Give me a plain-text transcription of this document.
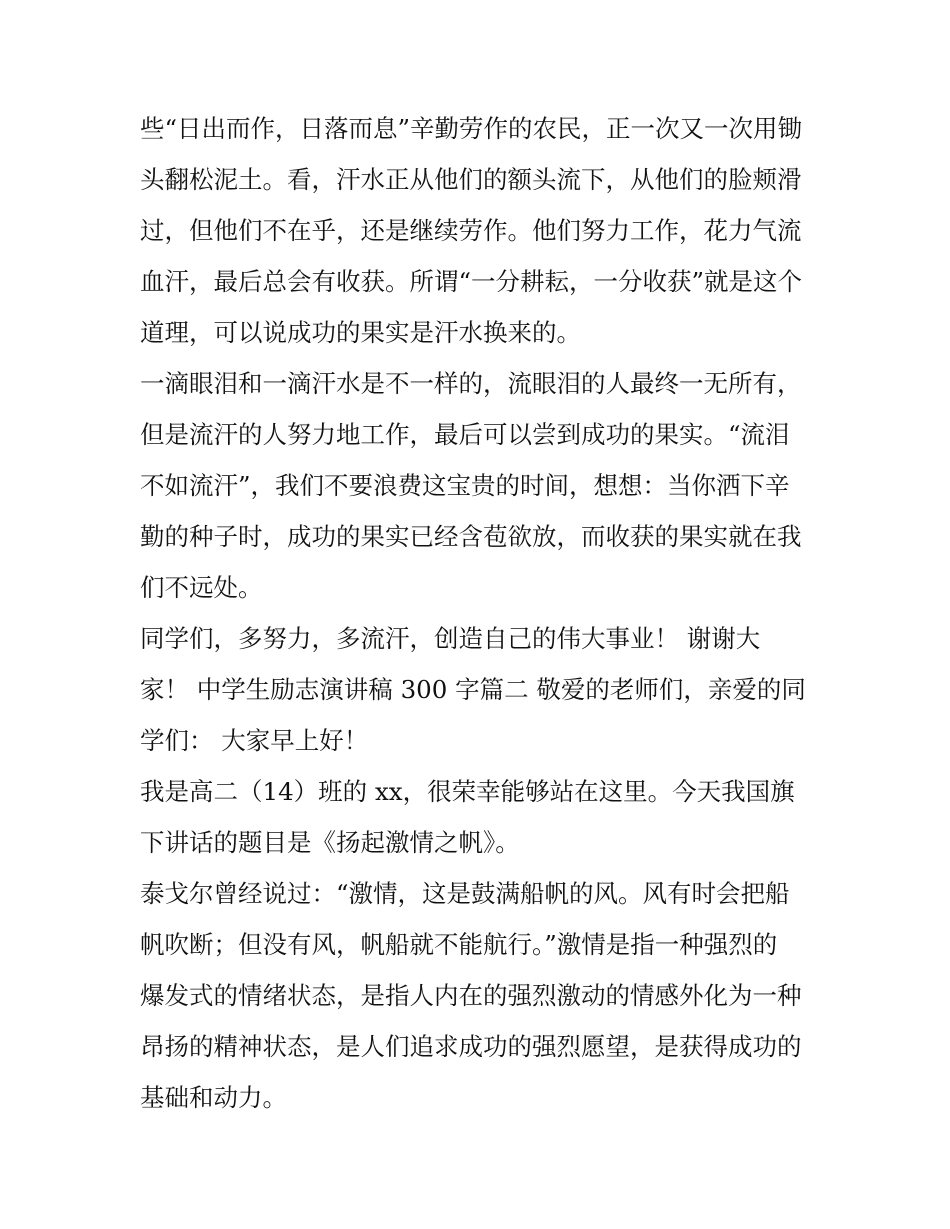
些“日出而作，日落而息”辛勤劳作的农民，正一次又一次用锄
头翻松泥土。看，汗水正从他们的额头流下，从他们的脸颊滑
过，但他们不在乎，还是继续劳作。他们努力工作，花力气流
血汗，最后总会有收获。所谓“一分耕耘，一分收获”就是这个
道理，可以说成功的果实是汗水换来的。
一滴眼泪和一滴汗水是不一样的，流眼泪的人最终一无所有，
但是流汗的人努力地工作，最后可以尝到成功的果实。“流泪
不如流汗”，我们不要浪费这宝贵的时间，想想：当你洒下辛
勤的种子时，成功的果实已经含苞欲放，而收获的果实就在我
们不远处。
同学们，多努力，多流汗，创造自己的伟大事业！ 谢谢大
家！ 中学生励志演讲稿 300 字篇二 敬爱的老师们，亲爱的同
学们： 大家早上好！
我是高二（14）班的 xx，很荣幸能够站在这里。今天我国旗
下讲话的题目是《扬起激情之帆》。
泰戈尔曾经说过：“激情，这是鼓满船帆的风。风有时会把船
帆吹断；但没有风，帆船就不能航行。”激情是指一种强烈的
爆发式的情绪状态，是指人内在的强烈激动的情感外化为一种
昂扬的精神状态，是人们追求成功的强烈愿望，是获得成功的
基础和动力。
